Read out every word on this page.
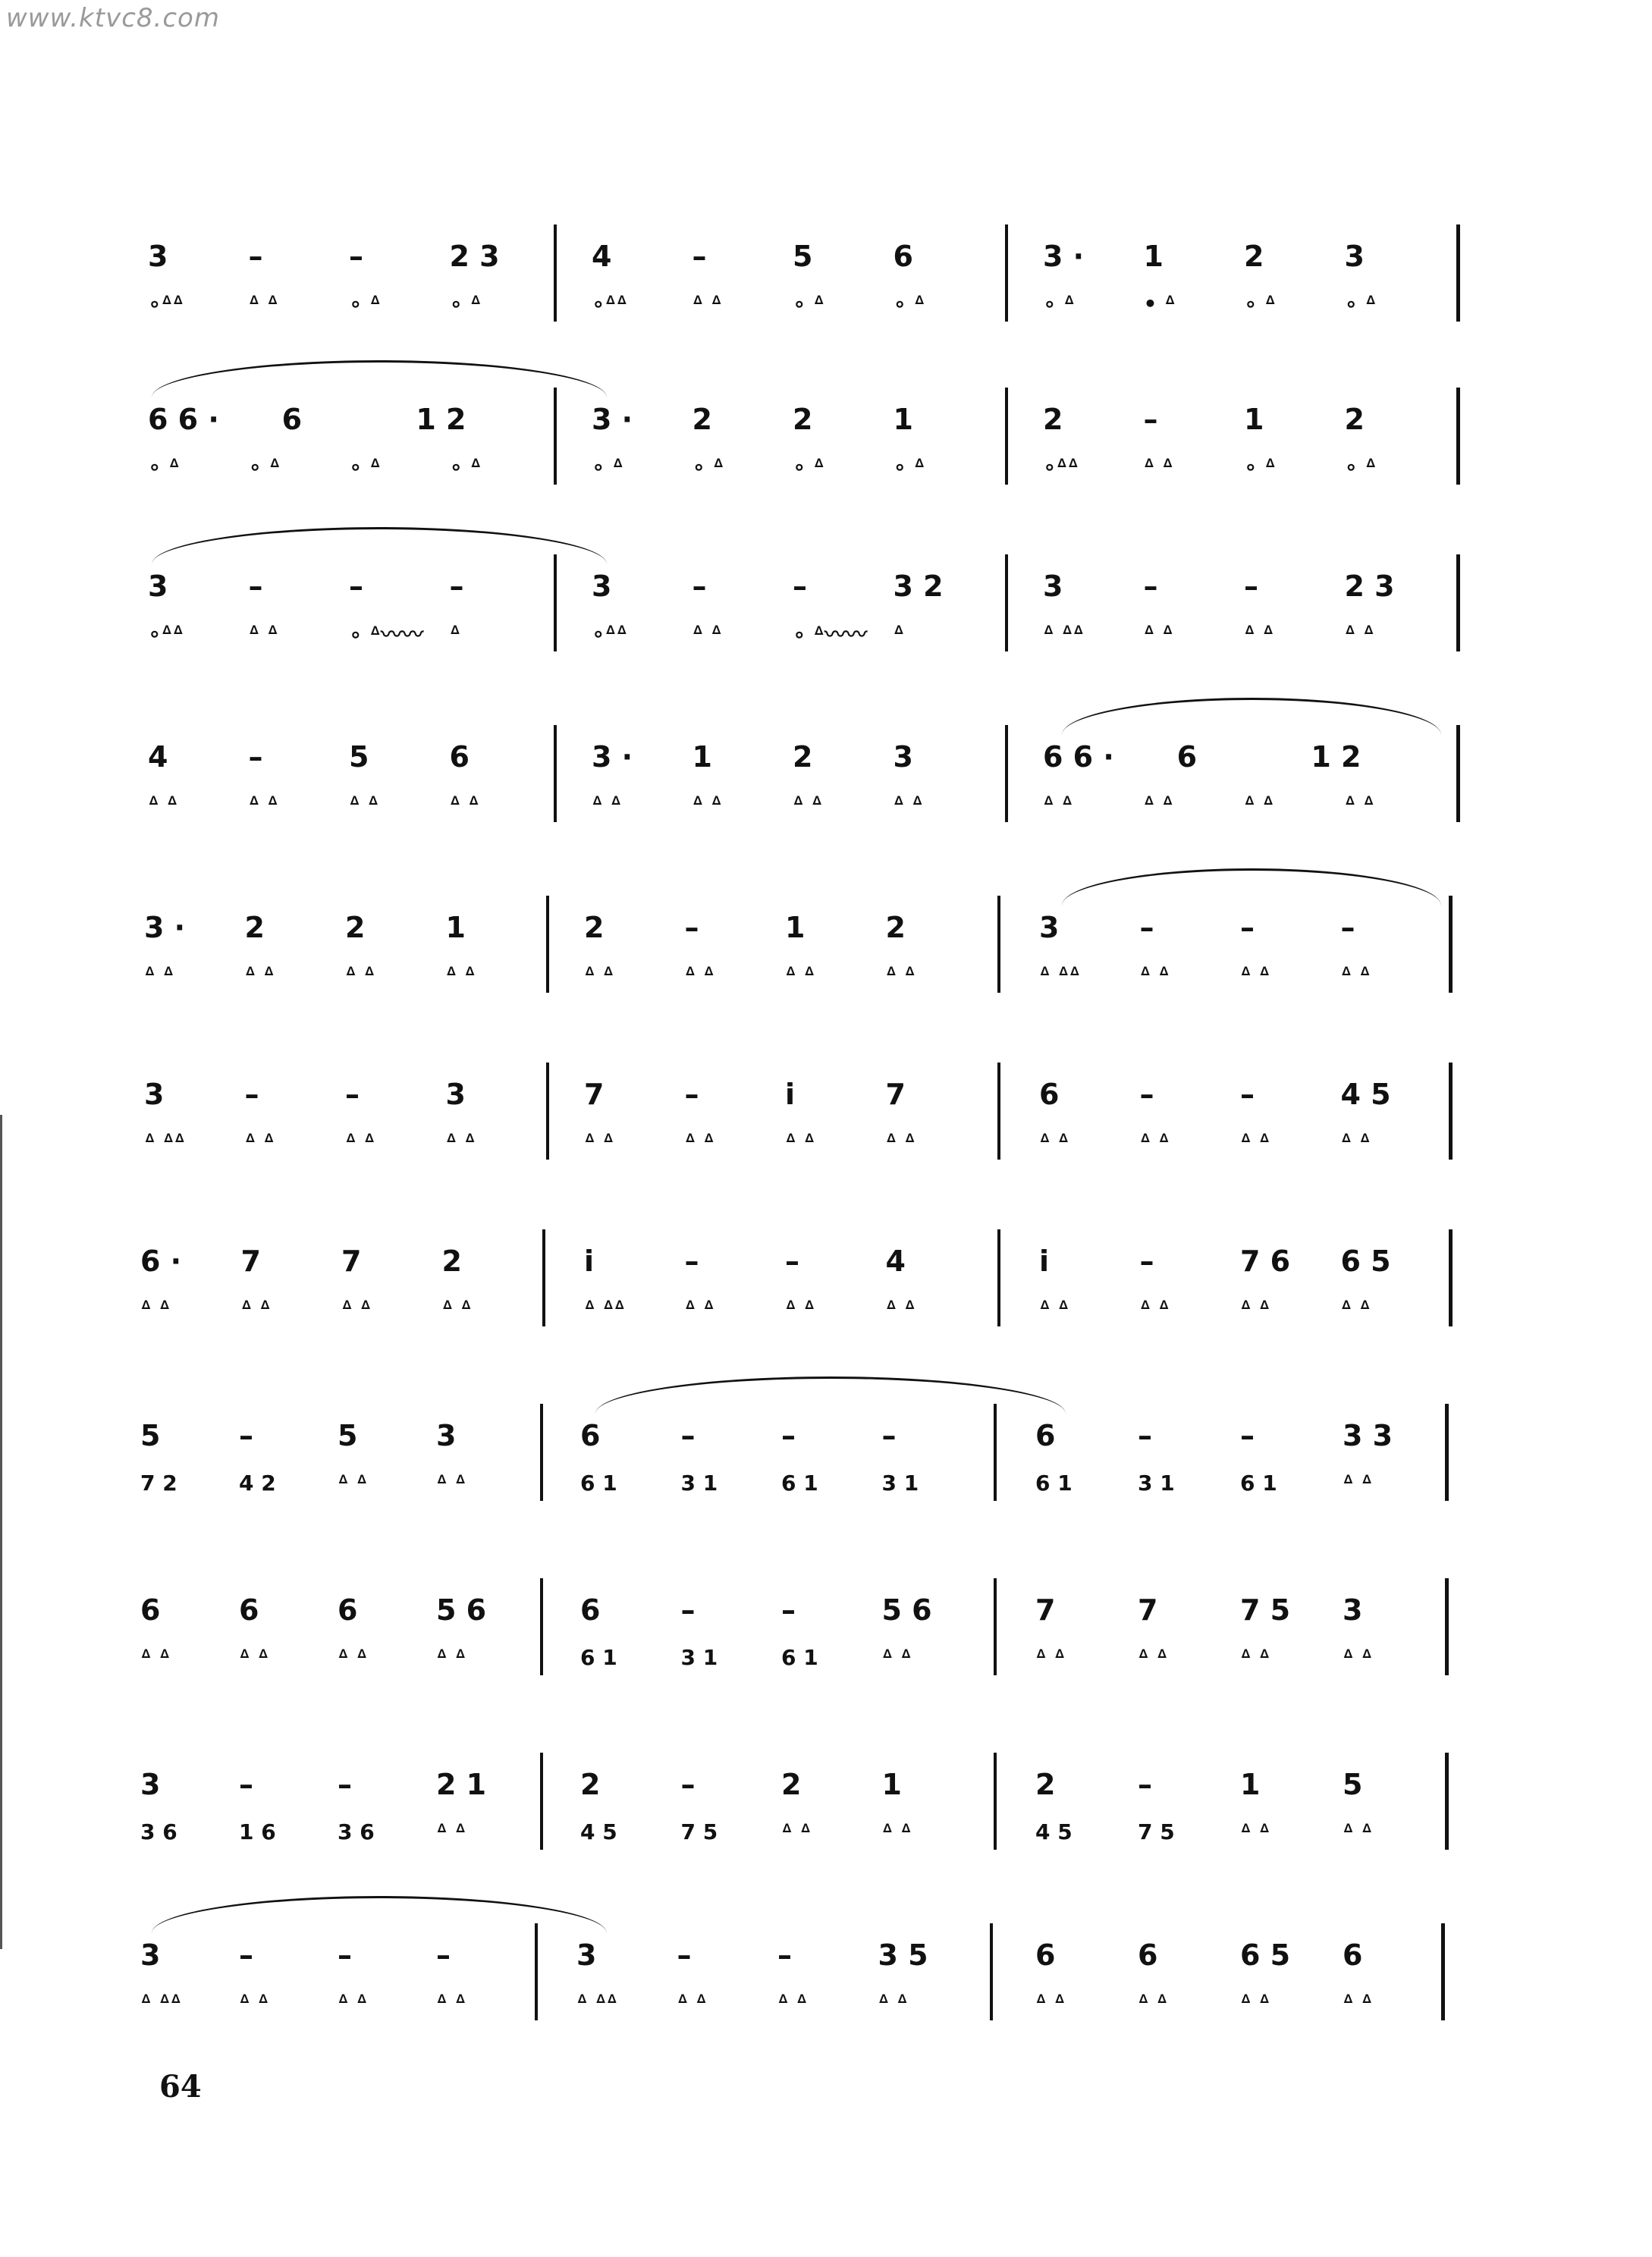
www.ktvc8.com
3	–	–	2 3
∘ᐞᐞ	ᐞ ᐞ	∘ ᐞ	∘ ᐞ
4	–	5	6
∘ᐞᐞ	ᐞ ᐞ	∘ ᐞ	∘ ᐞ
3 ·	1	2	3
∘ ᐞ	• ᐞ	∘ ᐞ	∘ ᐞ
6 6 ·	6	1 2
∘ ᐞ	∘ ᐞ	∘ ᐞ	∘ ᐞ
3 ·	2	2	1
∘ ᐞ	∘ ᐞ	∘ ᐞ	∘ ᐞ
2	–	1	2
∘ᐞᐞ	ᐞ ᐞ	∘ ᐞ	∘ ᐞ
3	–	–	–
∘ᐞᐞ	ᐞ ᐞ	∘ ᐞ〰〰	ᐞ
3	–	–	3 2
∘ᐞᐞ	ᐞ ᐞ	∘ ᐞ〰〰	ᐞ
3	–	–	2 3
ᐞ ᐞᐞ	ᐞ ᐞ	ᐞ ᐞ	ᐞ ᐞ
4	–	5	6
ᐞ ᐞ	ᐞ ᐞ	ᐞ ᐞ	ᐞ ᐞ
3 ·	1	2	3
ᐞ ᐞ	ᐞ ᐞ	ᐞ ᐞ	ᐞ ᐞ
6 6 ·	6	1 2
ᐞ ᐞ	ᐞ ᐞ	ᐞ ᐞ	ᐞ ᐞ
3 ·	2	2	1
ᐞ ᐞ	ᐞ ᐞ	ᐞ ᐞ	ᐞ ᐞ
2	–	1	2
ᐞ ᐞ	ᐞ ᐞ	ᐞ ᐞ	ᐞ ᐞ
3	–	–	–
ᐞ ᐞᐞ	ᐞ ᐞ	ᐞ ᐞ	ᐞ ᐞ
3	–	–	3
ᐞ ᐞᐞ	ᐞ ᐞ	ᐞ ᐞ	ᐞ ᐞ
7	–	i	7
ᐞ ᐞ	ᐞ ᐞ	ᐞ ᐞ	ᐞ ᐞ
6	–	–	4 5
ᐞ ᐞ	ᐞ ᐞ	ᐞ ᐞ	ᐞ ᐞ
6 ·	7	7	2
ᐞ ᐞ	ᐞ ᐞ	ᐞ ᐞ	ᐞ ᐞ
i	–	–	4
ᐞ ᐞᐞ	ᐞ ᐞ	ᐞ ᐞ	ᐞ ᐞ
i	–	7 6	6 5
ᐞ ᐞ	ᐞ ᐞ	ᐞ ᐞ	ᐞ ᐞ
5	–	5	3
7 2	4 2	ᐞ ᐞ	ᐞ ᐞ
6	–	–	–
6 1	3 1	6 1	3 1
6	–	–	3 3
6 1	3 1	6 1	ᐞ ᐞ
6	6	6	5 6
ᐞ ᐞ	ᐞ ᐞ	ᐞ ᐞ	ᐞ ᐞ
6	–	–	5 6
6 1	3 1	6 1	ᐞ ᐞ
7	7	7 5	3
ᐞ ᐞ	ᐞ ᐞ	ᐞ ᐞ	ᐞ ᐞ
3	–	–	2 1
3 6	1 6	3 6	ᐞ ᐞ
2	–	2	1
4 5	7 5	ᐞ ᐞ	ᐞ ᐞ
2	–	1	5
4 5	7 5	ᐞ ᐞ	ᐞ ᐞ
3	–	–	–
ᐞ ᐞᐞ	ᐞ ᐞ	ᐞ ᐞ	ᐞ ᐞ
3	–	–	3 5
ᐞ ᐞᐞ	ᐞ ᐞ	ᐞ ᐞ	ᐞ ᐞ
6	6	6 5	6
ᐞ ᐞ	ᐞ ᐞ	ᐞ ᐞ	ᐞ ᐞ
64
